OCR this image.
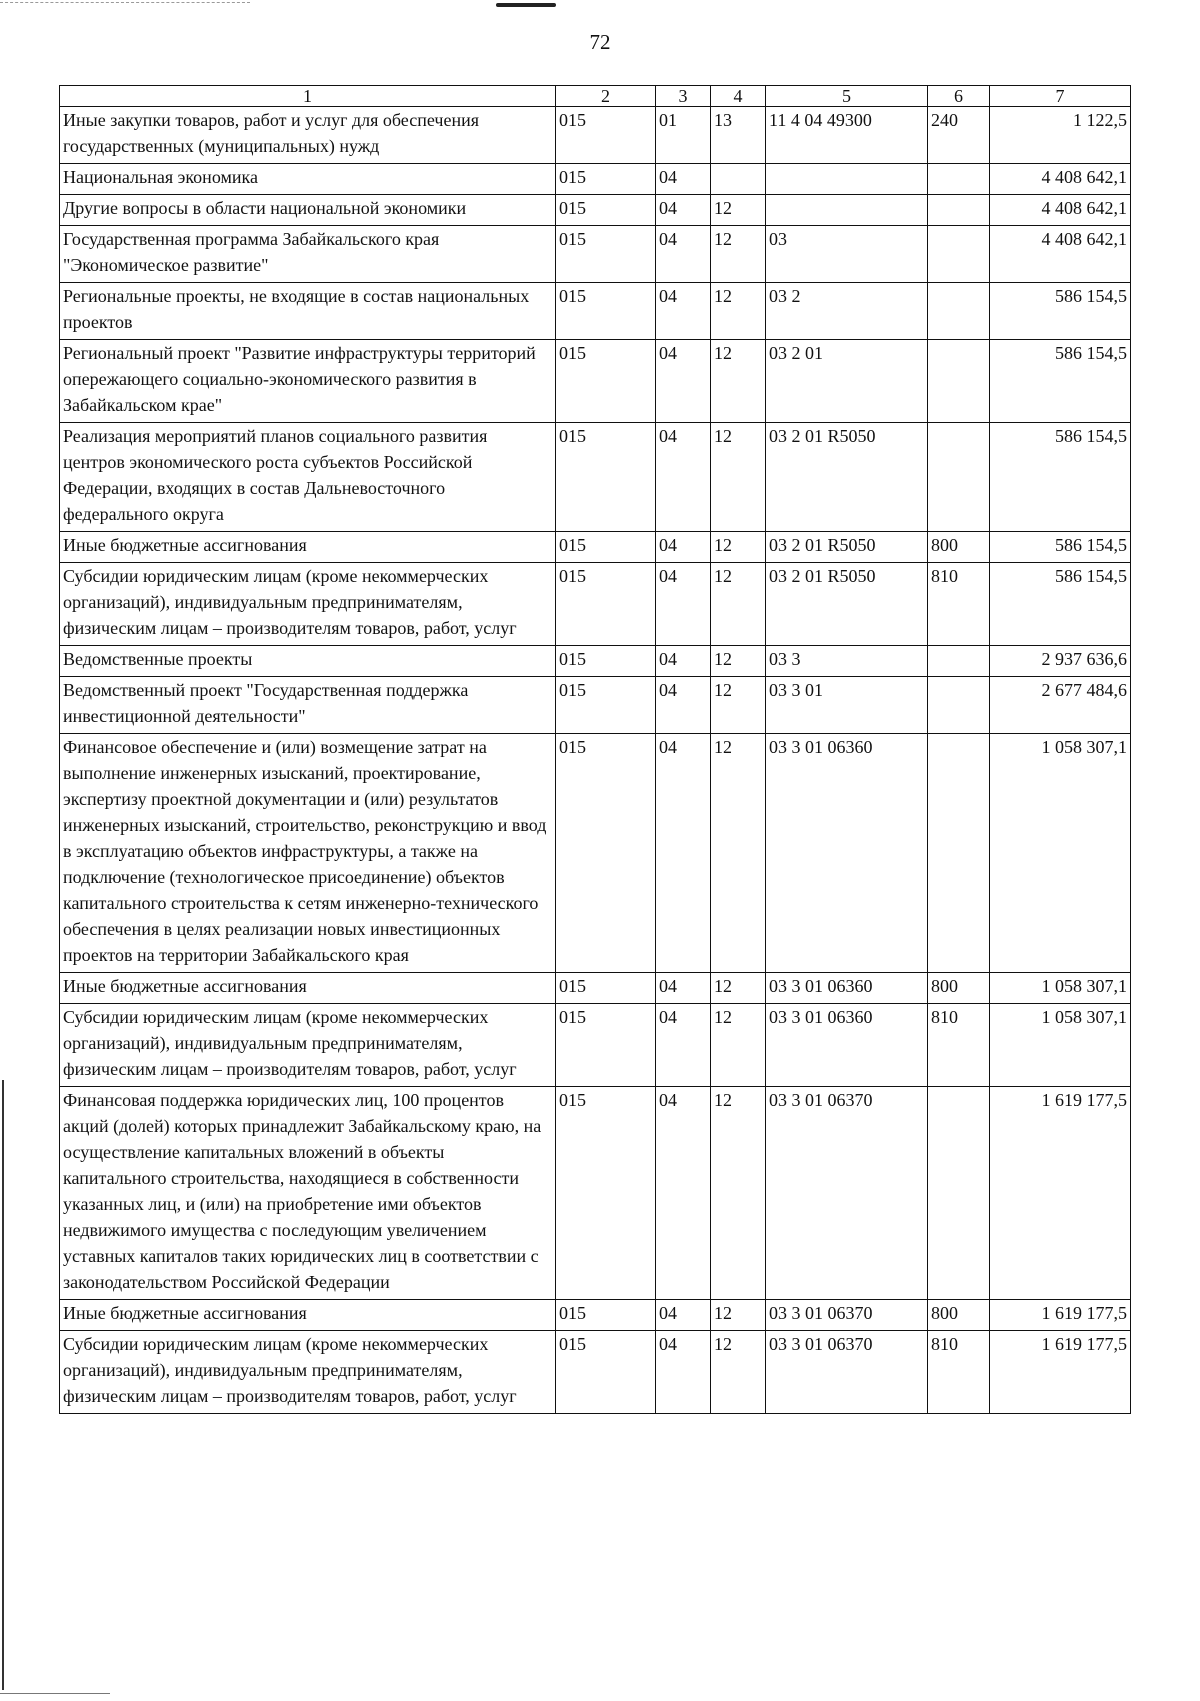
72
1	2	3	4	5	6	7
Иные закупки товаров, работ и услуг для обеспечения государственных (муниципальных) нужд	015	01	13	11 4 04 49300	240	1 122,5
Национальная экономика	015	04				4 408 642,1
Другие вопросы в области национальной экономики	015	04	12			4 408 642,1
Государственная программа Забайкальского края "Экономическое развитие"	015	04	12	03		4 408 642,1
Региональные проекты, не входящие в состав национальных проектов	015	04	12	03 2		586 154,5
Региональный проект "Развитие инфраструктуры территорий опережающего социально-экономического развития в Забайкальском крае"	015	04	12	03 2 01		586 154,5
Реализация мероприятий планов социального развития центров экономического роста субъектов Российской Федерации, входящих в состав Дальневосточного федерального округа	015	04	12	03 2 01 R5050		586 154,5
Иные бюджетные ассигнования	015	04	12	03 2 01 R5050	800	586 154,5
Субсидии юридическим лицам (кроме некоммерческих организаций), индивидуальным предпринимателям, физическим лицам – производителям товаров, работ, услуг	015	04	12	03 2 01 R5050	810	586 154,5
Ведомственные проекты	015	04	12	03 3		2 937 636,6
Ведомственный проект "Государственная поддержка инвестиционной деятельности"	015	04	12	03 3 01		2 677 484,6
Финансовое обеспечение и (или) возмещение затрат на выполнение инженерных изысканий, проектирование, экспертизу проектной документации и (или) результатов инженерных изысканий, строительство, реконструкцию и ввод в эксплуатацию объектов инфраструктуры, а также на подключение (технологическое присоединение) объектов капитального строительства к сетям инженерно-технического обеспечения в целях реализации новых инвестиционных проектов на территории Забайкальского края	015	04	12	03 3 01 06360		1 058 307,1
Иные бюджетные ассигнования	015	04	12	03 3 01 06360	800	1 058 307,1
Субсидии юридическим лицам (кроме некоммерческих организаций), индивидуальным предпринимателям, физическим лицам – производителям товаров, работ, услуг	015	04	12	03 3 01 06360	810	1 058 307,1
Финансовая поддержка юридических лиц, 100 процентов акций (долей) которых принадлежит Забайкальскому краю, на осуществление капитальных вложений в объекты капитального строительства, находящиеся в собственности указанных лиц, и (или) на приобретение ими объектов недвижимого имущества с последующим увеличением уставных капиталов таких юридических лиц в соответствии с законодательством Российской Федерации	015	04	12	03 3 01 06370		1 619 177,5
Иные бюджетные ассигнования	015	04	12	03 3 01 06370	800	1 619 177,5
Субсидии юридическим лицам (кроме некоммерческих организаций), индивидуальным предпринимателям, физическим лицам – производителям товаров, работ, услуг	015	04	12	03 3 01 06370	810	1 619 177,5
